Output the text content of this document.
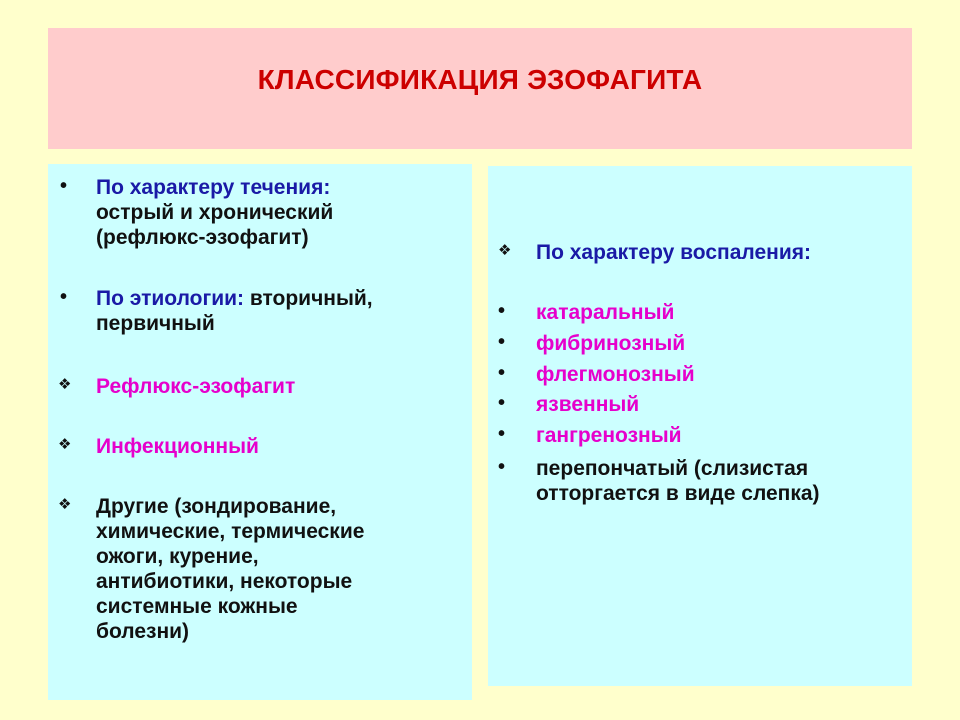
КЛАССИФИКАЦИЯ ЭЗОФАГИТА
• По характеру течения:
острый и хронический
(рефлюкс-эзофагит)
• По этиологии: вторичный,
первичный
❖ Рефлюкс-эзофагит
❖ Инфекционный
❖ Другие (зондирование,
химические, термические
ожоги, курение,
антибиотики, некоторые
системные кожные
болезни)
❖ По характеру воспаления:
• катаральный
• фибринозный
• флегмонозный
• язвенный
• гангренозный
• перепончатый (слизистая
отторгается в виде слепка)
